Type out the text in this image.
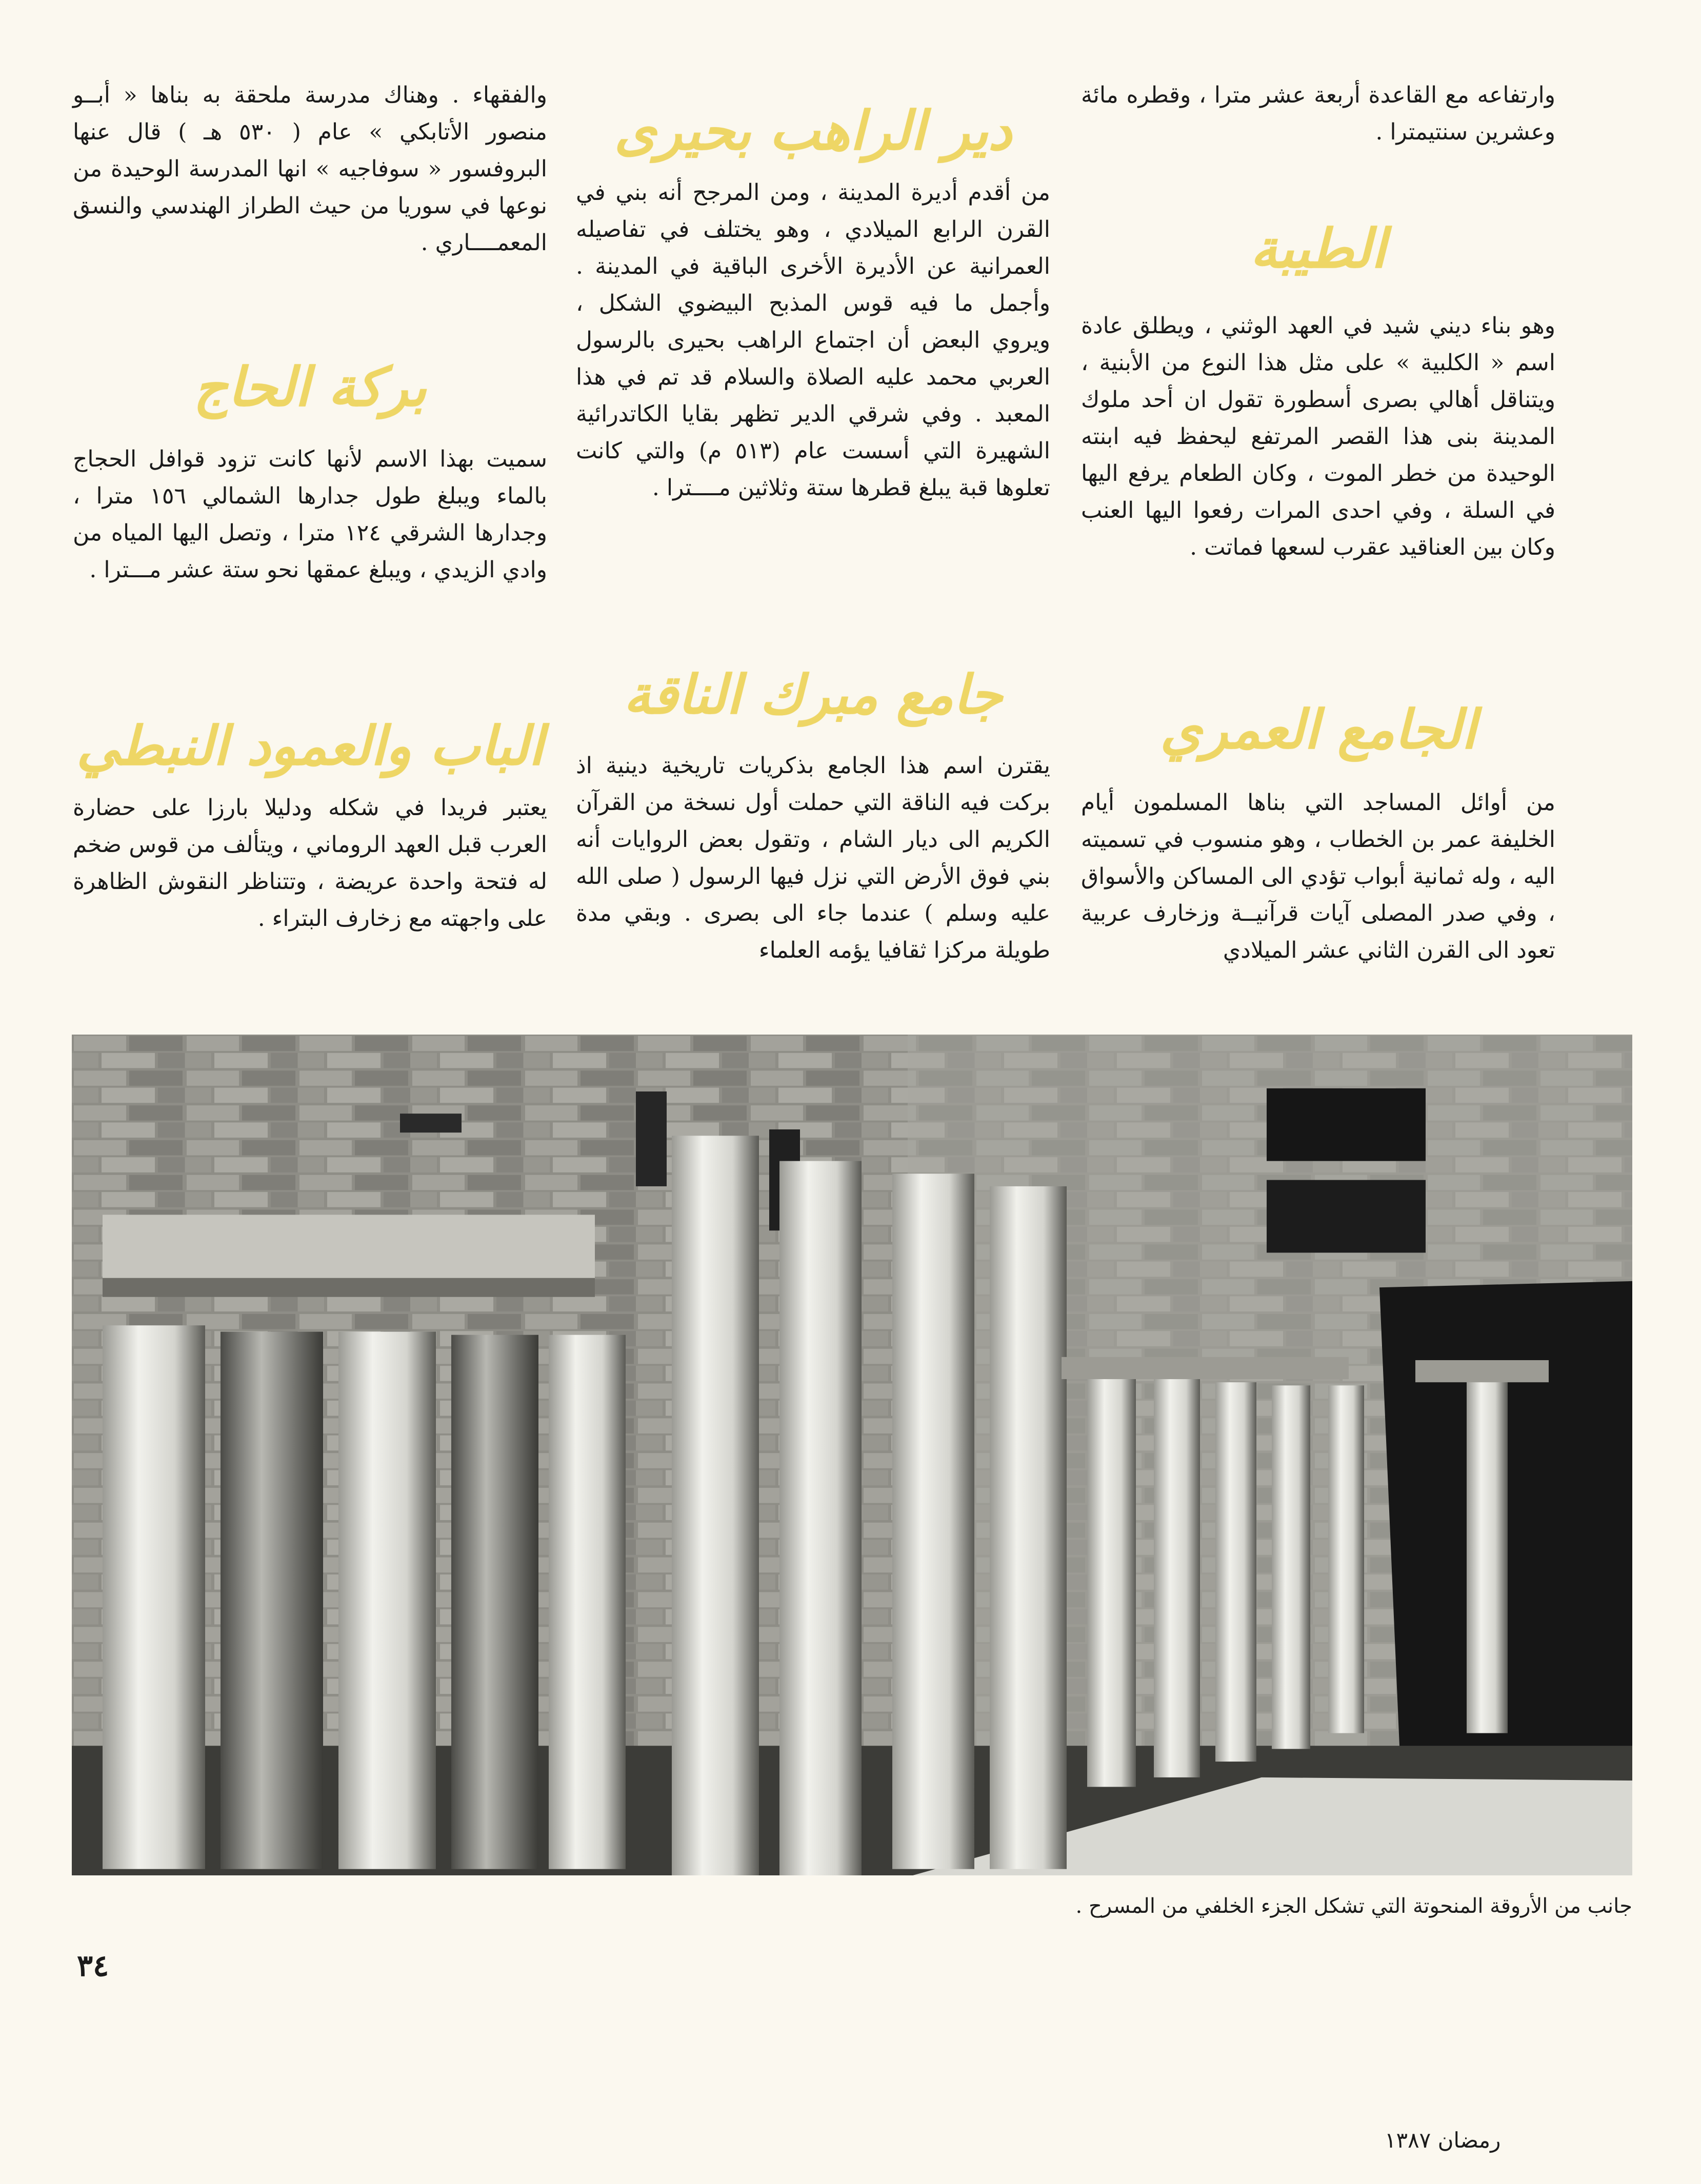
وارتفاعه مع القاعدة أربعة عشر مترا ، وقطره مائة وعشرين سنتيمترا .

الطيبة

وهو بناء ديني شيد في العهد الوثني ، ويطلق عادة اسم « الكلبية » على مثل هذا النوع من الأبنية ، ويتناقل أهالي بصرى أسطورة تقول ان أحد ملوك المدينة بنى هذا القصر المرتفع ليحفظ فيه ابنته الوحيدة من خطر الموت ، وكان الطعام يرفع اليها في السلة ، وفي احدى المرات رفعوا اليها العنب وكان بين العناقيد عقرب لسعها فماتت .

الجامع العمري

من أوائل المساجد التي بناها المسلمون أيام الخليفة عمر بن الخطاب ، وهو منسوب في تسميته اليه ، وله ثمانية أبواب تؤدي الى المساكن والأسواق ، وفي صدر المصلى آيات قرآنيــة وزخارف عربية تعود الى القرن الثاني عشر الميلادي

دير الراهب بحيرى

من أقدم أديرة المدينة ، ومن المرجح أنه بني في القرن الرابع الميلادي ، وهو يختلف في تفاصيله العمرانية عن الأديرة الأخرى الباقية في المدينة . وأجمل ما فيه قوس المذبح البيضوي الشكل ، ويروي البعض أن اجتماع الراهب بحيرى بالرسول العربي محمد عليه الصلاة والسلام قد تم في هذا المعبد . وفي شرقي الدير تظهر بقايا الكاتدرائية الشهيرة التي أسست عام (٥١٣ م) والتي كانت تعلوها قبة يبلغ قطرها ستة وثلاثين مــــترا .

جامع مبرك الناقة

يقترن اسم هذا الجامع بذكريات تاريخية دينية اذ بركت فيه الناقة التي حملت أول نسخة من القرآن الكريم الى ديار الشام ، وتقول بعض الروايات أنه بني فوق الأرض التي نزل فيها الرسول ( صلى الله عليه وسلم ) عندما جاء الى بصرى . وبقي مدة طويلة مركزا ثقافيا يؤمه العلماء

والفقهاء . وهناك مدرسة ملحقة به بناها « أبــو منصور الأتابكي » عام ( ٥٣٠ هـ ) قال عنها البروفسور « سوفاجيه » انها المدرسة الوحيدة من نوعها في سوريا من حيث الطراز الهندسي والنسق المعمــــاري .

بركة الحاج

سميت بهذا الاسم لأنها كانت تزود قوافل الحجاج بالماء ويبلغ طول جدارها الشمالي ١٥٦ مترا ، وجدارها الشرقي ١٢٤ مترا ، وتصل اليها المياه من وادي الزيدي ، ويبلغ عمقها نحو ستة عشر مـــترا .

الباب والعمود النبطي

يعتبر فريدا في شكله ودليلا بارزا على حضارة العرب قبل العهد الروماني ، ويتألف من قوس ضخم له فتحة واحدة عريضة ، وتتناظر النقوش الظاهرة على واجهته مع زخارف البتراء .

جانب من الأروقة المنحوتة التي تشكل الجزء الخلفي من المسرح .
٣٤
رمضان ١٣٨٧
